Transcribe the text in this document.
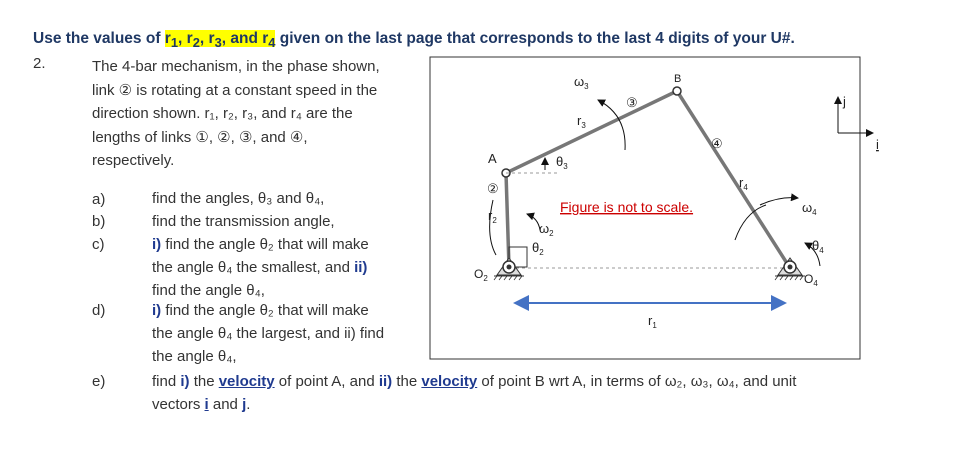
Use the values of $r_1$, $r_2$, $r_3$, and $r_4$ given on the last page that corresponds to the last 4 digits of your U#.
2.	The 4-bar mechanism, in the phase shown,
link ② is rotating at a constant speed in the
direction shown. r₁, r₂, r₃, and r₄ are the
lengths of links ①, ②, ③, and ④,
respectively.
a)	find the angles, θ₃ and θ₄,
b)	find the transmission angle,
c)	i) find the angle θ₂ that will make
the angle θ₄ the smallest, and ii)
find the angle θ₄,
d)	i) find the angle θ₂ that will make
the angle θ₄ the largest, and ii) find
the angle θ₄,
e)	find i) the velocity of point A, and ii) the velocity of point B wrt A, in terms of ω₂, ω₃, ω₄, and unit
vectors i and j.
A
B
$O_2$	$O_4$
②
③
④
$r_1$
$r_2$
$r_3$
$r_4$
$\omega_2$
$\omega_3$
$\omega_4$
$\theta_2$
$\theta_3$
$\theta_4$
Figure is not to scale.
j
i
